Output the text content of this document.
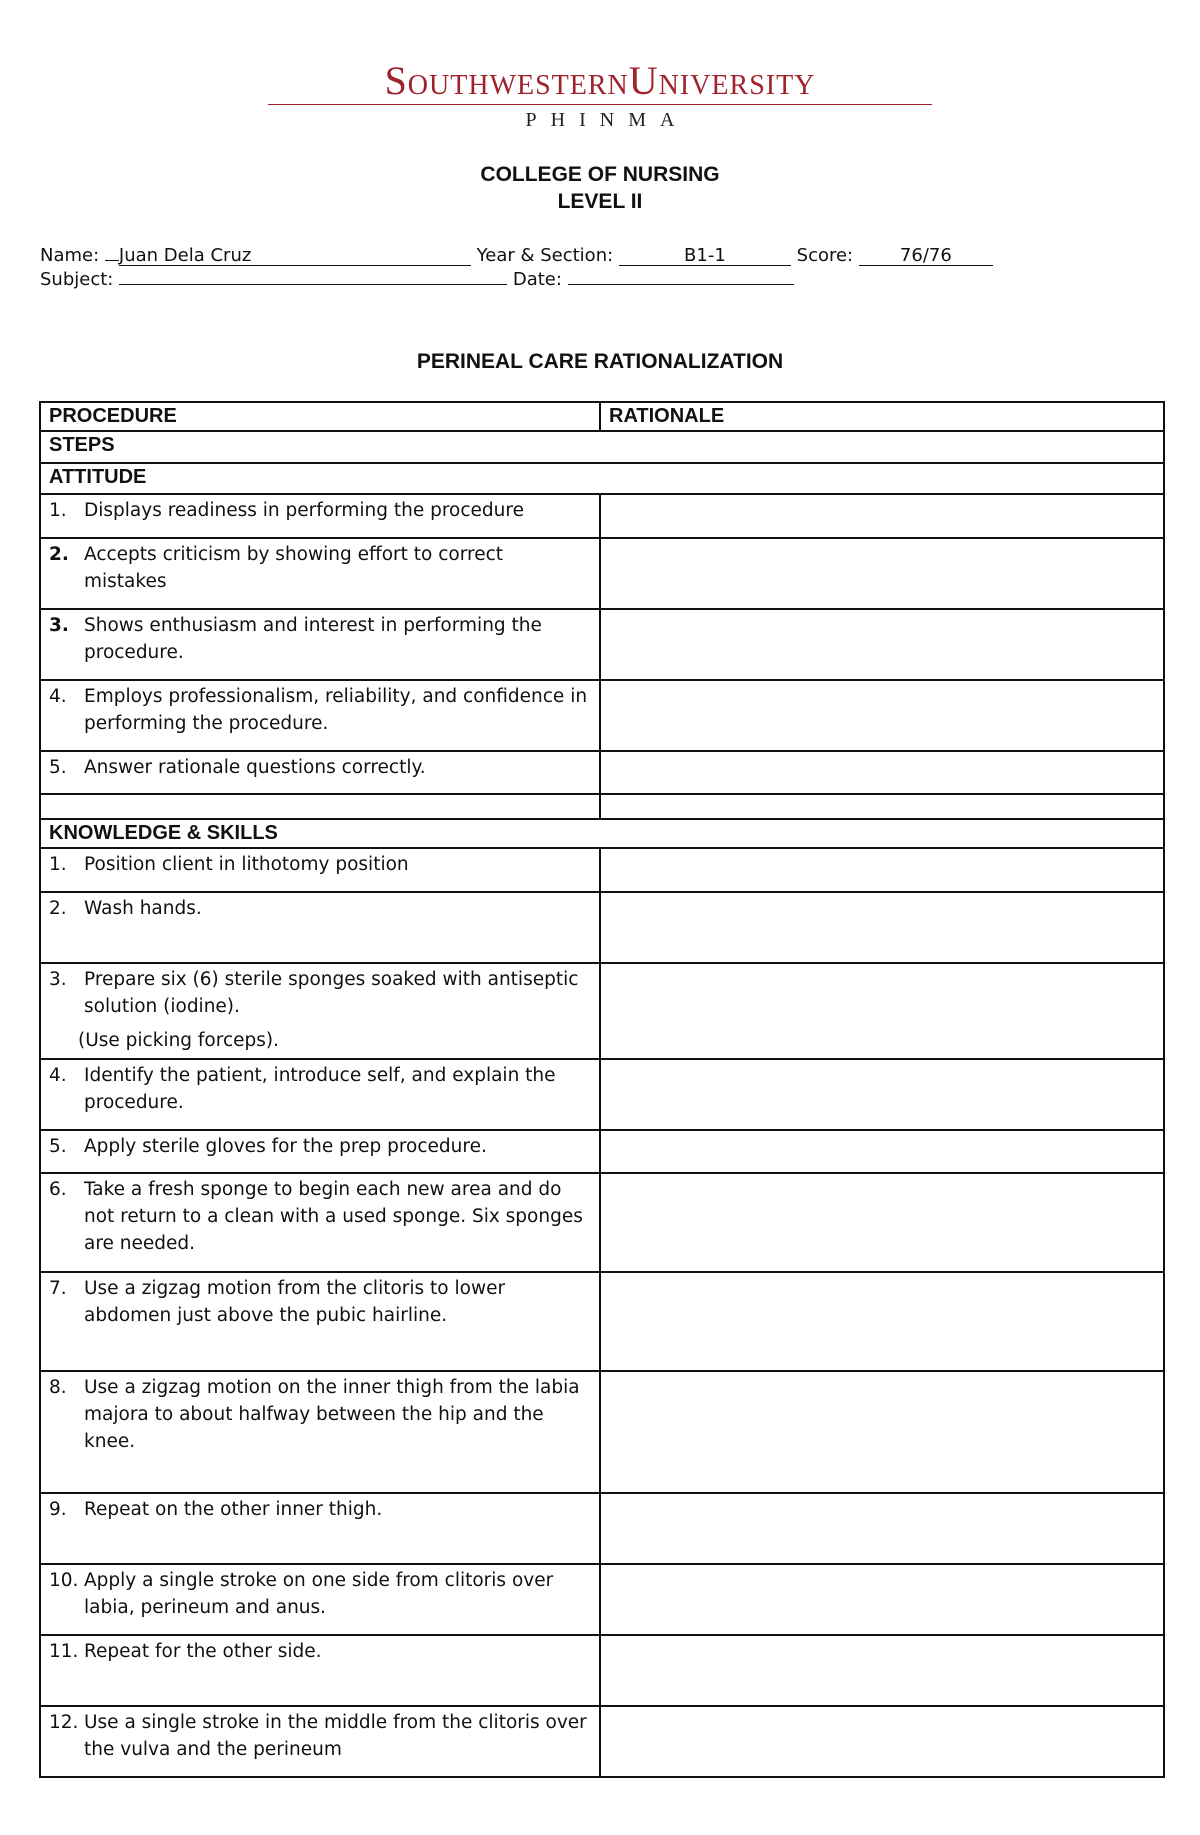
SouthwesternUniversity
PHINMA
COLLEGE OF NURSING
LEVEL II
Name: Juan Dela Cruz	Year & Section:	B1-1	Score:	76/76
Subject:	Date:
PERINEAL CARE RATIONALIZATION
PROCEDURE	RATIONALE
STEPS	
ATTITUDE	

1. Displays readiness in performing the procedure	

2. Accepts criticism by showing effort to correct mistakes	

3. Shows enthusiasm and interest in performing the procedure.	

4. Employs professionalism, reliability, and confidence in performing the procedure.	

5. Answer rationale questions correctly.	

KNOWLEDGE & SKILLS	

1. Position client in lithotomy position	

2. Wash hands.	

3. Prepare six (6) sterile sponges soaked with antiseptic solution (iodine).
(Use picking forceps).	

4. Identify the patient, introduce self, and explain the procedure.	

5. Apply sterile gloves for the prep procedure.	

6. Take a fresh sponge to begin each new area and do not return to a clean with a used sponge. Six sponges are needed.	

7. Use a zigzag motion from the clitoris to lower abdomen just above the pubic hairline.	

8. Use a zigzag motion on the inner thigh from the labia majora to about halfway between the hip and the knee.	

9. Repeat on the other inner thigh.	

10. Apply a single stroke on one side from clitoris over labia, perineum and anus.	

11. Repeat for the other side.	

12. Use a single stroke in the middle from the clitoris over the vulva and the perineum	
